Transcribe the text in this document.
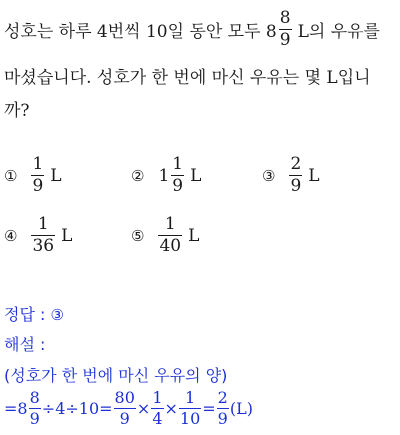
성호는 하루 4번씩 10일 동안 모두 $8 \frac{8}{9}$ L의 우유를
마셨습니다. 성호가 한 번에 마신 우유는 몇 L입니
까?
① $\frac{1}{9}$ L	② $1 \frac{1}{9}$ L	③ $\frac{2}{9}$ L
④ $\frac{1}{36}$ L	⑤ $\frac{1}{40}$ L
정답 : ③
해설 :
(성호가 한 번에 마신 우유의 양)
$=8 \frac{8}{9} \div 4\div 10= \frac{80}{9} \times \frac{1}{4} \times \frac{1}{10} = \frac{2}{9} (L)$
